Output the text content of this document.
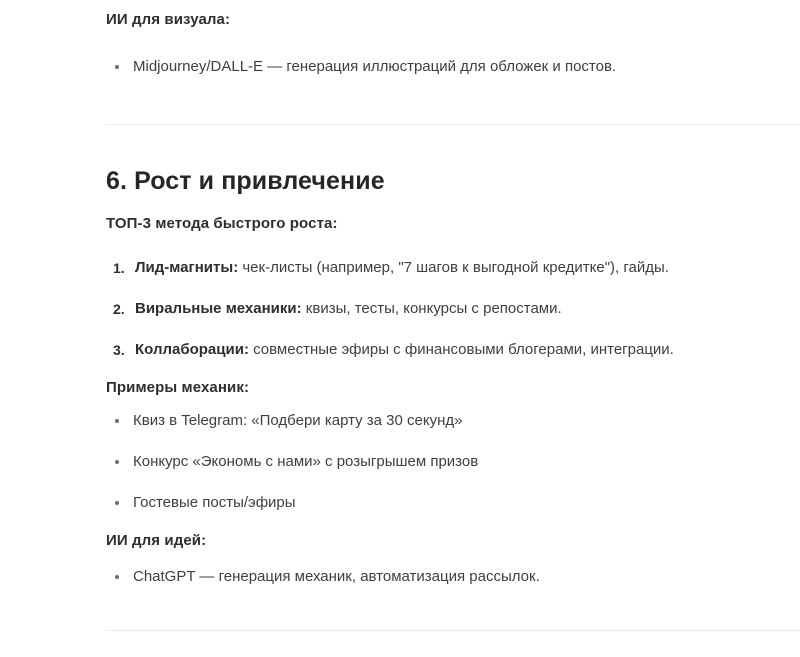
ИИ для визуала:
Midjourney/DALL-E — генерация иллюстраций для обложек и постов.
6. Рост и привлечение
ТОП-3 метода быстрого роста:
Лид-магниты: чек-листы (например, "7 шагов к выгодной кредитке"), гайды.
Виральные механики: квизы, тесты, конкурсы с репостами.
Коллаборации: совместные эфиры с финансовыми блогерами, интеграции.
Примеры механик:
Квиз в Telegram: «Подбери карту за 30 секунд»
Конкурс «Экономь с нами» с розыгрышем призов
Гостевые посты/эфиры
ИИ для идей:
ChatGPT — генерация механик, автоматизация рассылок.
